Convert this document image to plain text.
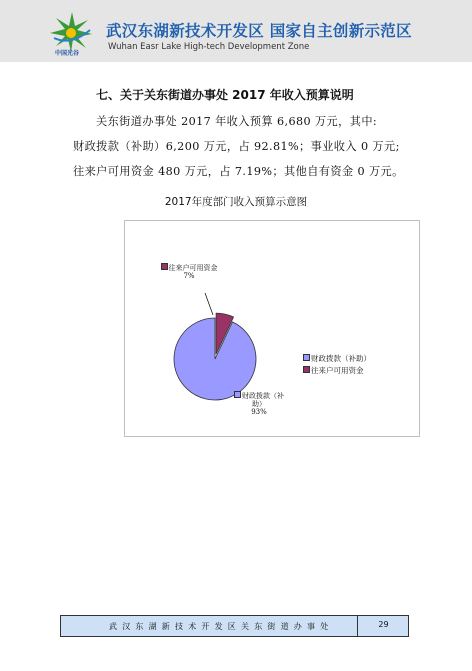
中国光谷
武汉东湖新技术开发区 国家自主创新示范区
Wuhan Easr Lake High-tech Development Zone
七、关于关东街道办事处 2017 年收入预算说明
关东街道办事处 2017 年收入预算 6,680 万元，其中:
财政拨款（补助）6,200 万元，占 92.81%；事业收入 0 万元;
往来户可用资金 480 万元，占 7.19%；其他自有资金 0 万元。
2017年度部门收入预算示意图
往来户可用资金
7%
财政拨款（补助）
93%
财政拨款（补助）
往来户可用资金
武汉东湖新技术开发区关东街道办事处	29
